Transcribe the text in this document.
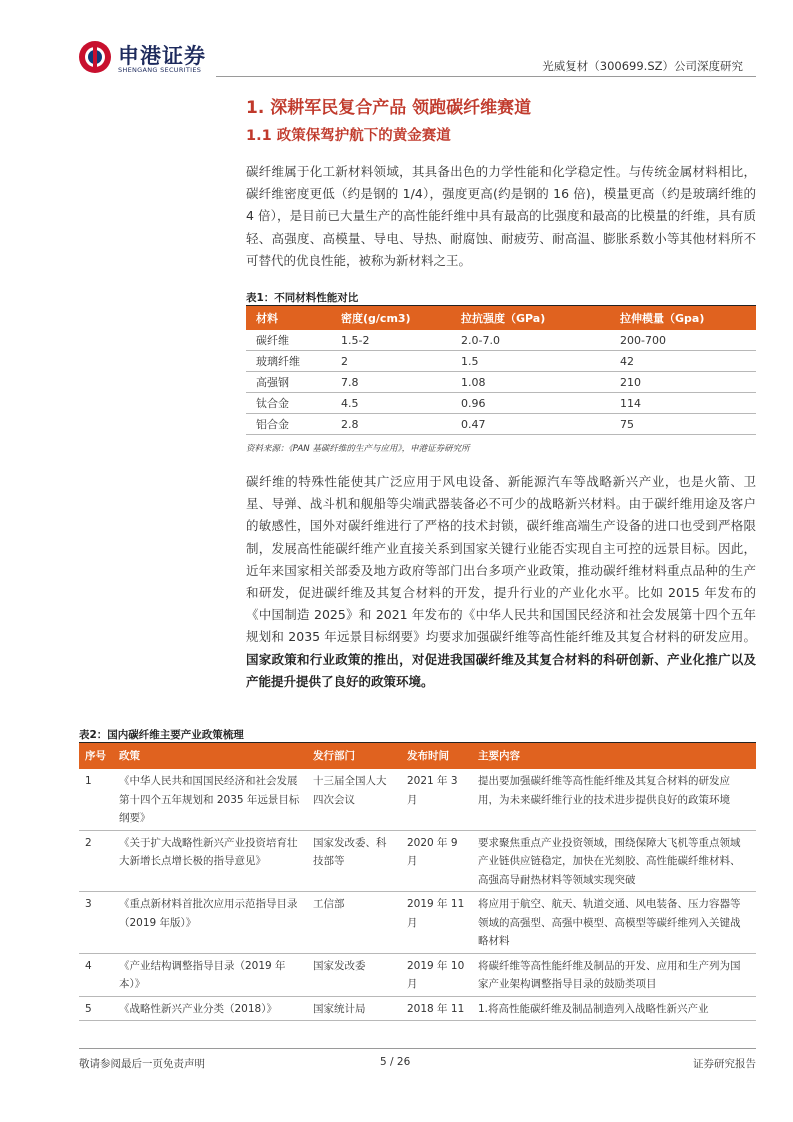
申港证券
SHENGANG SECURITIES	光威复材（300699.SZ）公司深度研究
1. 深耕军民复合产品 领跑碳纤维赛道
1.1 政策保驾护航下的黄金赛道
碳纤维属于化工新材料领域，其具备出色的力学性能和化学稳定性。与传统金属材料相比，碳纤维密度更低（约是钢的 1/4），强度更高(约是钢的 16 倍)，模量更高（约是玻璃纤维的 4 倍），是目前已大量生产的高性能纤维中具有最高的比强度和最高的比模量的纤维，具有质轻、高强度、高模量、导电、导热、耐腐蚀、耐疲劳、耐高温、膨胀系数小等其他材料所不可替代的优良性能，被称为新材料之王。
表1：不同材料性能对比
材料	密度(g/cm3)	拉抗强度（GPa)	拉伸模量（Gpa)
碳纤维	1.5-2	2.0-7.0	200-700
玻璃纤维	2	1.5	42
高强钢	7.8	1.08	210
钛合金	4.5	0.96	114
铝合金	2.8	0.47	75
资料来源：《PAN 基碳纤维的生产与应用》，申港证券研究所
碳纤维的特殊性能使其广泛应用于风电设备、新能源汽车等战略新兴产业，也是火箭、卫星、导弹、战斗机和舰船等尖端武器装备必不可少的战略新兴材料。由于碳纤维用途及客户的敏感性，国外对碳纤维进行了严格的技术封锁，碳纤维高端生产设备的进口也受到严格限制，发展高性能碳纤维产业直接关系到国家关键行业能否实现自主可控的远景目标。因此，近年来国家相关部委及地方政府等部门出台多项产业政策，推动碳纤维材料重点品种的生产和研发，促进碳纤维及其复合材料的开发，提升行业的产业化水平。比如 2015 年发布的《中国制造 2025》和 2021 年发布的《中华人民共和国国民经济和社会发展第十四个五年规划和 2035 年远景目标纲要》均要求加强碳纤维等高性能纤维及其复合材料的研发应用。国家政策和行业政策的推出，对促进我国碳纤维及其复合材料的科研创新、产业化推广以及产能提升提供了良好的政策环境。
表2：国内碳纤维主要产业政策梳理
序号	政策	发行部门	发布时间	主要内容
1	《中华人民共和国国民经济和社会发展第十四个五年规划和 2035 年远景目标纲要》	十三届全国人大四次会议	2021 年 3 月	提出要加强碳纤维等高性能纤维及其复合材料的研发应用，为未来碳纤维行业的技术进步提供良好的政策环境
2	《关于扩大战略性新兴产业投资培育壮大新增长点增长极的指导意见》	国家发改委、科技部等	2020 年 9 月	要求聚焦重点产业投资领域，围绕保障大飞机等重点领域产业链供应链稳定，加快在光刻胶、高性能碳纤维材料、高强高导耐热材料等领域实现突破
3	《重点新材料首批次应用示范指导目录（2019 年版）》	工信部	2019 年 11 月	将应用于航空、航天、轨道交通、风电装备、压力容器等领域的高强型、高强中模型、高模型等碳纤维列入关键战略材料
4	《产业结构调整指导目录（2019 年本）》	国家发改委	2019 年 10 月	将碳纤维等高性能纤维及制品的开发、应用和生产列为国家产业架构调整指导目录的鼓励类项目
5	《战略性新兴产业分类（2018）》	国家统计局	2018 年 11	1.将高性能碳纤维及制品制造列入战略性新兴产业
敬请参阅最后一页免责声明	5 / 26	证券研究报告
